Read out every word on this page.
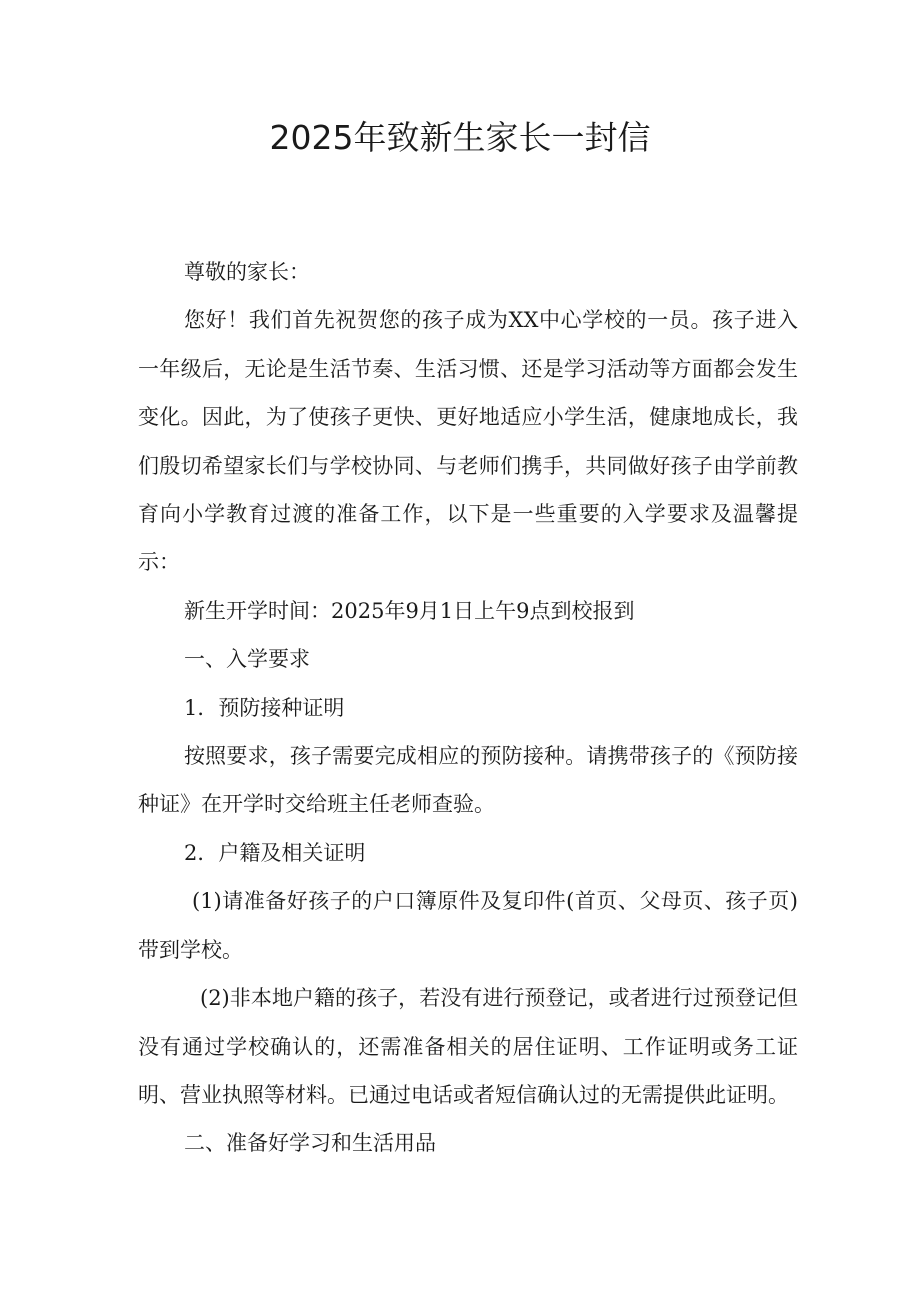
2025年致新生家长一封信

尊敬的家长：

您好！我们首先祝贺您的孩子成为XX中心学校的一员。孩子进入一年级后，无论是生活节奏、生活习惯、还是学习活动等方面都会发生变化。因此，为了使孩子更快、更好地适应小学生活，健康地成长，我们殷切希望家长们与学校协同、与老师们携手，共同做好孩子由学前教育向小学教育过渡的准备工作，以下是一些重要的入学要求及温馨提示：

新生开学时间：2025年9月1日上午9点到校报到

一、入学要求

1．预防接种证明

按照要求，孩子需要完成相应的预防接种。请携带孩子的《预防接种证》在开学时交给班主任老师查验。

2．户籍及相关证明

(1)请准备好孩子的户口簿原件及复印件(首页、父母页、孩子页)带到学校。

(2)非本地户籍的孩子，若没有进行预登记，或者进行过预登记但没有通过学校确认的，还需准备相关的居住证明、工作证明或务工证明、营业执照等材料。已通过电话或者短信确认过的无需提供此证明。

二、准备好学习和生活用品
